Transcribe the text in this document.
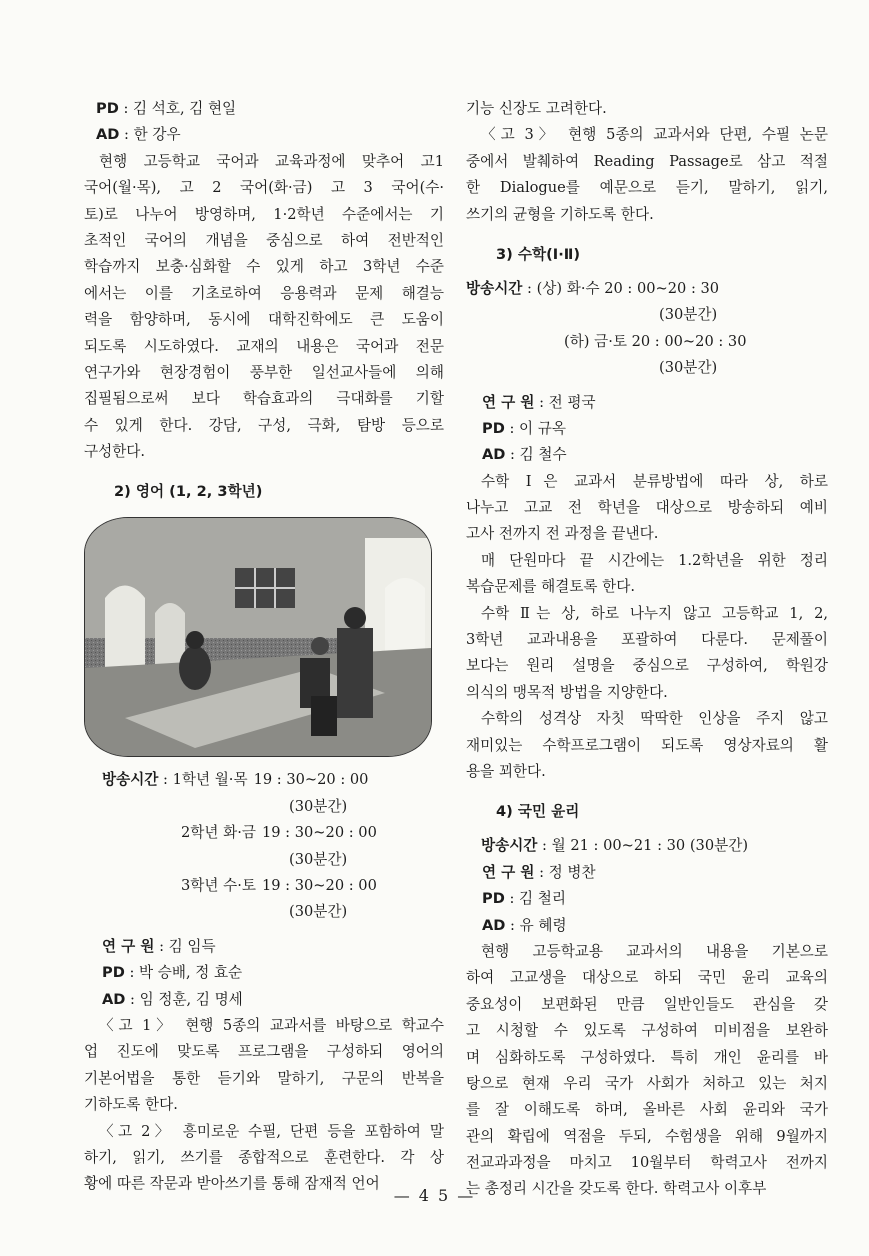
PD : 김 석호, 김 현일
AD : 한 강우
현행 고등학교 국어과 교육과정에 맞추어 고1
국어(월·목), 고 2 국어(화·금) 고 3 국어(수·
토)로 나누어 방영하며, 1·2학년 수준에서는 기
초적인 국어의 개념을 중심으로 하여 전반적인
학습까지 보충·심화할 수 있게 하고 3학년 수준
에서는 이를 기초로하여 응용력과 문제 해결능
력을 함양하며, 동시에 대학진학에도 큰 도움이
되도록 시도하였다. 교재의 내용은 국어과 전문
연구가와 현장경험이 풍부한 일선교사들에 의해
집필됨으로써 보다 학습효과의 극대화를 기할
수 있게 한다. 강담, 구성, 극화, 탐방 등으로
구성한다.
2) 영어 (1, 2, 3학년)
방송시간 : 1학년 월·목 19 : 30~20 : 00
(30분간)
2학년 화·금 19 : 30~20 : 00
(30분간)
3학년 수·토 19 : 30~20 : 00
(30분간)
연 구 원 : 김 임득
PD : 박 승배, 정 효순
AD : 임 정훈, 김 명세
〈고 1〉 현행 5종의 교과서를 바탕으로 학교수
업 진도에 맞도록 프로그램을 구성하되 영어의
기본어법을 통한 듣기와 말하기, 구문의 반복을
기하도록 한다.
〈고 2〉 흥미로운 수필, 단편 등을 포함하여 말
하기, 읽기, 쓰기를 종합적으로 훈련한다. 각 상
황에 따른 작문과 받아쓰기를 통해 잠재적 언어
기능 신장도 고려한다.
〈고 3〉 현행 5종의 교과서와 단편, 수필 논문
중에서 발췌하여 Reading Passage로 삼고 적절
한 Dialogue를 예문으로 듣기, 말하기, 읽기,
쓰기의 균형을 기하도록 한다.
3) 수학(Ⅰ·Ⅱ)
방송시간 : (상) 화·수 20 : 00~20 : 30
(30분간)
(하) 금·토 20 : 00~20 : 30
(30분간)
연 구 원 : 전 평국
PD : 이 규옥
AD : 김 철수
수학 Ⅰ은 교과서 분류방법에 따라 상, 하로
나누고 고교 전 학년을 대상으로 방송하되 예비
고사 전까지 전 과정을 끝낸다.
매 단원마다 끝 시간에는 1.2학년을 위한 정리
복습문제를 해결토록 한다.
수학 Ⅱ는 상, 하로 나누지 않고 고등학교 1, 2,
3학년 교과내용을 포괄하여 다룬다. 문제풀이
보다는 원리 설명을 중심으로 구성하여, 학원강
의식의 맹목적 방법을 지양한다.
수학의 성격상 자칫 딱딱한 인상을 주지 않고
재미있는 수학프로그램이 되도록 영상자료의 활
용을 꾀한다.
4) 국민 윤리
방송시간 : 월 21 : 00~21 : 30 (30분간)
연 구 원 : 정 병찬
PD : 김 철리
AD : 유 혜령
현행 고등학교용 교과서의 내용을 기본으로
하여 고교생을 대상으로 하되 국민 윤리 교육의
중요성이 보편화된 만큼 일반인들도 관심을 갖
고 시청할 수 있도록 구성하여 미비점을 보완하
며 심화하도록 구성하였다. 특히 개인 윤리를 바
탕으로 현재 우리 국가 사회가 처하고 있는 처지
를 잘 이해도록 하며, 올바른 사회 윤리와 국가
관의 확립에 역점을 두되, 수험생을 위해 9월까지
전교과과정을 마치고 10월부터 학력고사 전까지
는 총정리 시간을 갖도록 한다. 학력고사 이후부
— 4 5 —
